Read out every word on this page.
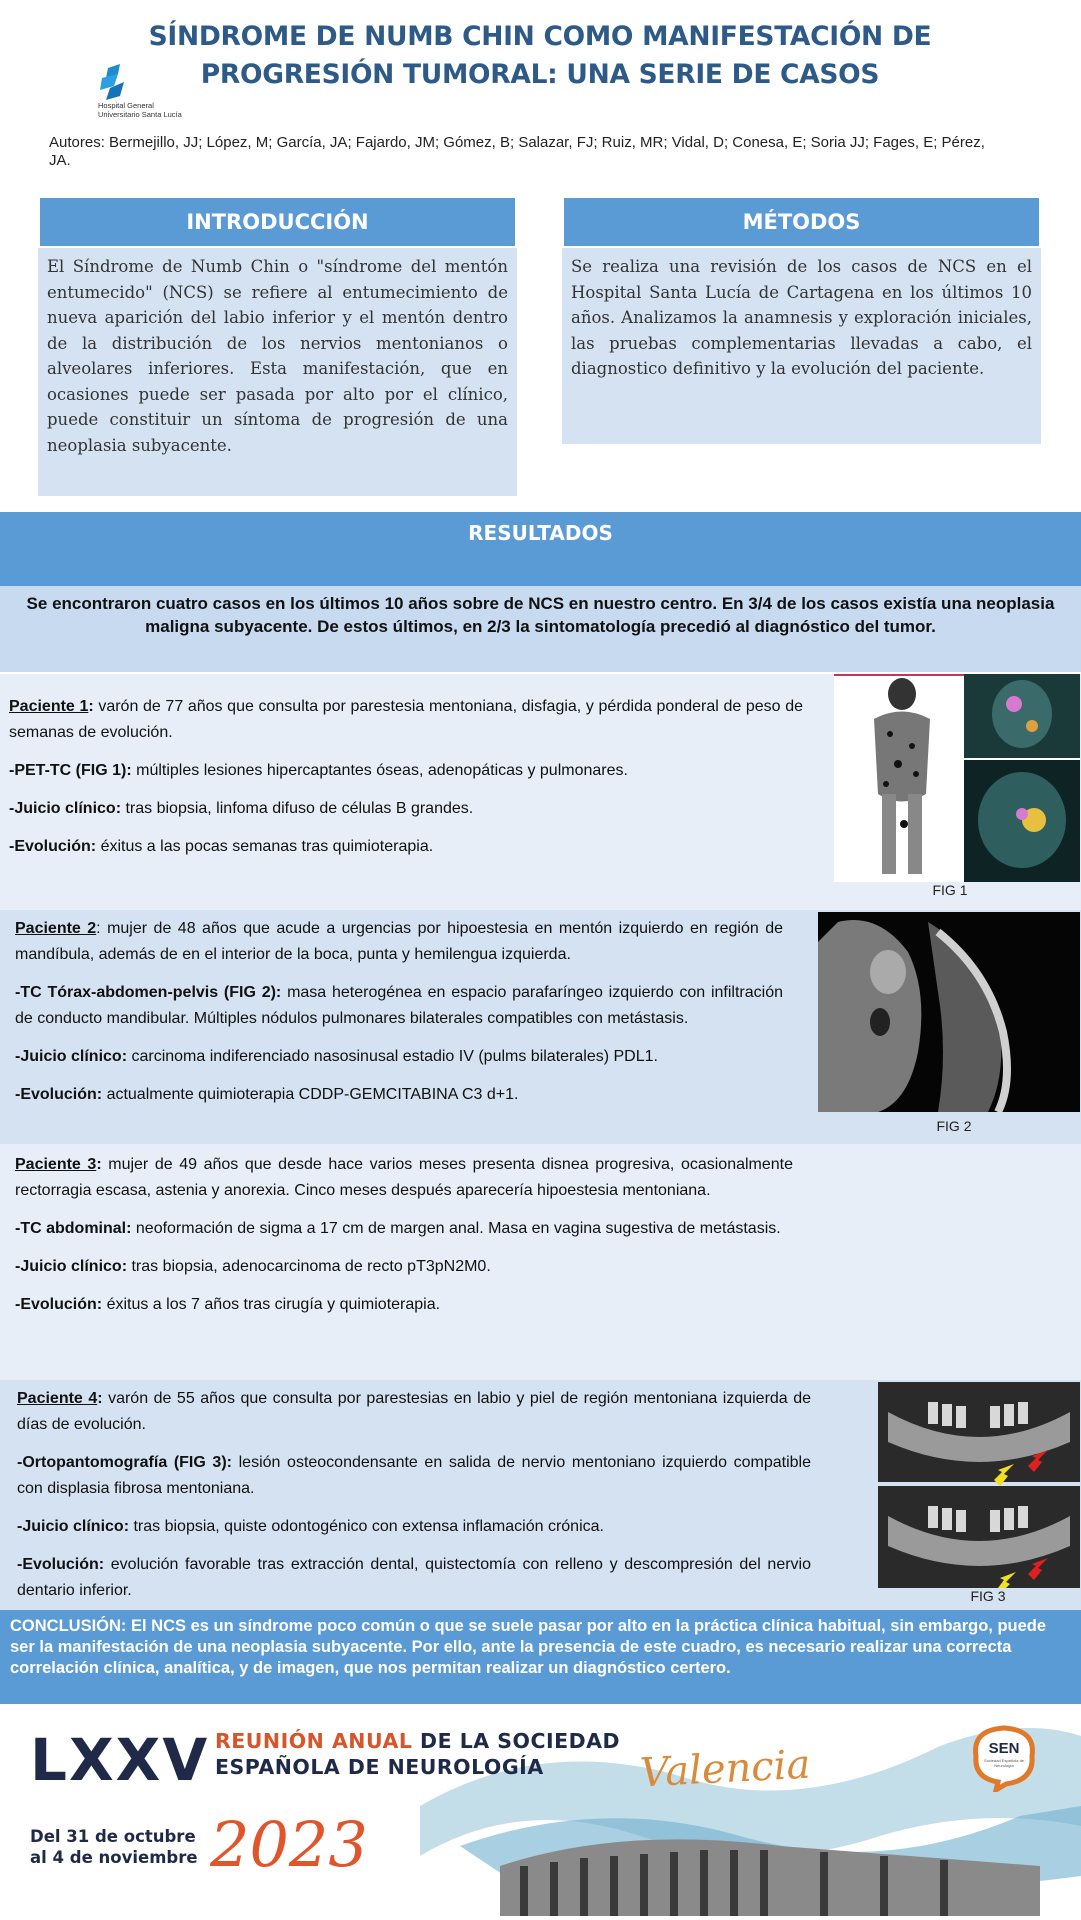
SÍNDROME DE NUMB CHIN COMO MANIFESTACIÓN DE PROGRESIÓN TUMORAL: UNA SERIE DE CASOS
Hospital General Universitario Santa Lucía
Autores: Bermejillo, JJ; López, M; García, JA; Fajardo, JM; Gómez, B; Salazar, FJ; Ruiz, MR; Vidal, D; Conesa, E; Soria JJ; Fages, E; Pérez, JA.
INTRODUCCIÓN
El Síndrome de Numb Chin o "síndrome del mentón entumecido" (NCS) se refiere al entumecimiento de nueva aparición del labio inferior y el mentón dentro de la distribución de los nervios mentonianos o alveolares inferiores. Esta manifestación, que en ocasiones puede ser pasada por alto por el clínico, puede constituir un síntoma de progresión de una neoplasia subyacente.
MÉTODOS
Se realiza una revisión de los casos de NCS en el Hospital Santa Lucía de Cartagena en los últimos 10 años. Analizamos la anamnesis y exploración iniciales, las pruebas complementarias llevadas a cabo, el diagnostico definitivo y la evolución del paciente.
RESULTADOS
Se encontraron cuatro casos en los últimos 10 años sobre de NCS en nuestro centro. En 3/4 de los casos existía una neoplasia maligna subyacente. De estos últimos, en 2/3 la sintomatología precedió al diagnóstico del tumor.

Paciente 1: varón de 77 años que consulta por parestesia mentoniana, disfagia, y pérdida ponderal de peso de semanas de evolución.

-PET-TC (FIG 1): múltiples lesiones hipercaptantes óseas, adenopáticas y pulmonares.

-Juicio clínico: tras biopsia, linfoma difuso de células B grandes.

-Evolución: éxitus a las pocas semanas tras quimioterapia.

FIG 1

Paciente 2: mujer de 48 años que acude a urgencias por hipoestesia en mentón izquierdo en región de mandíbula, además de en el interior de la boca, punta y hemilengua izquierda.

-TC Tórax-abdomen-pelvis (FIG 2): masa heterogénea en espacio parafaríngeo izquierdo con infiltración de conducto mandibular. Múltiples nódulos pulmonares bilaterales compatibles con metástasis.

-Juicio clínico: carcinoma indiferenciado nasosinusal estadio IV (pulms bilaterales) PDL1.

-Evolución: actualmente quimioterapia CDDP-GEMCITABINA C3 d+1.

FIG 2

Paciente 3: mujer de 49 años que desde hace varios meses presenta disnea progresiva, ocasionalmente rectorragia escasa, astenia y anorexia. Cinco meses después aparecería hipoestesia mentoniana.

-TC abdominal: neoformación de sigma a 17 cm de margen anal. Masa en vagina sugestiva de metástasis.

-Juicio clínico: tras biopsia, adenocarcinoma de recto pT3pN2M0.

-Evolución: éxitus a los 7 años tras cirugía y quimioterapia.

Paciente 4: varón de 55 años que consulta por parestesias en labio y piel de región mentoniana izquierda de días de evolución.

-Ortopantomografía (FIG 3): lesión osteocondensante en salida de nervio mentoniano izquierdo compatible con displasia fibrosa mentoniana.

-Juicio clínico: tras biopsia, quiste odontogénico con extensa inflamación crónica.

-Evolución: evolución favorable tras extracción dental, quistectomía con relleno y descompresión del nervio dentario inferior.	FIG 3
CONCLUSIÓN: El NCS es un síndrome poco común o que se suele pasar por alto en la práctica clínica habitual, sin embargo, puede ser la manifestación de una neoplasia subyacente. Por ello, ante la presencia de este cuadro, es necesario realizar una correcta correlación clínica, analítica, y de imagen, que nos permitan realizar un diagnóstico certero.
LXXV REUNIÓN ANUAL DE LA SOCIEDAD
ESPAÑOLA DE NEUROLOGÍA	Valencia
Del 31 de octubre
al 4 de noviembre 2023
SEN
Sociedad Española de Neurología
